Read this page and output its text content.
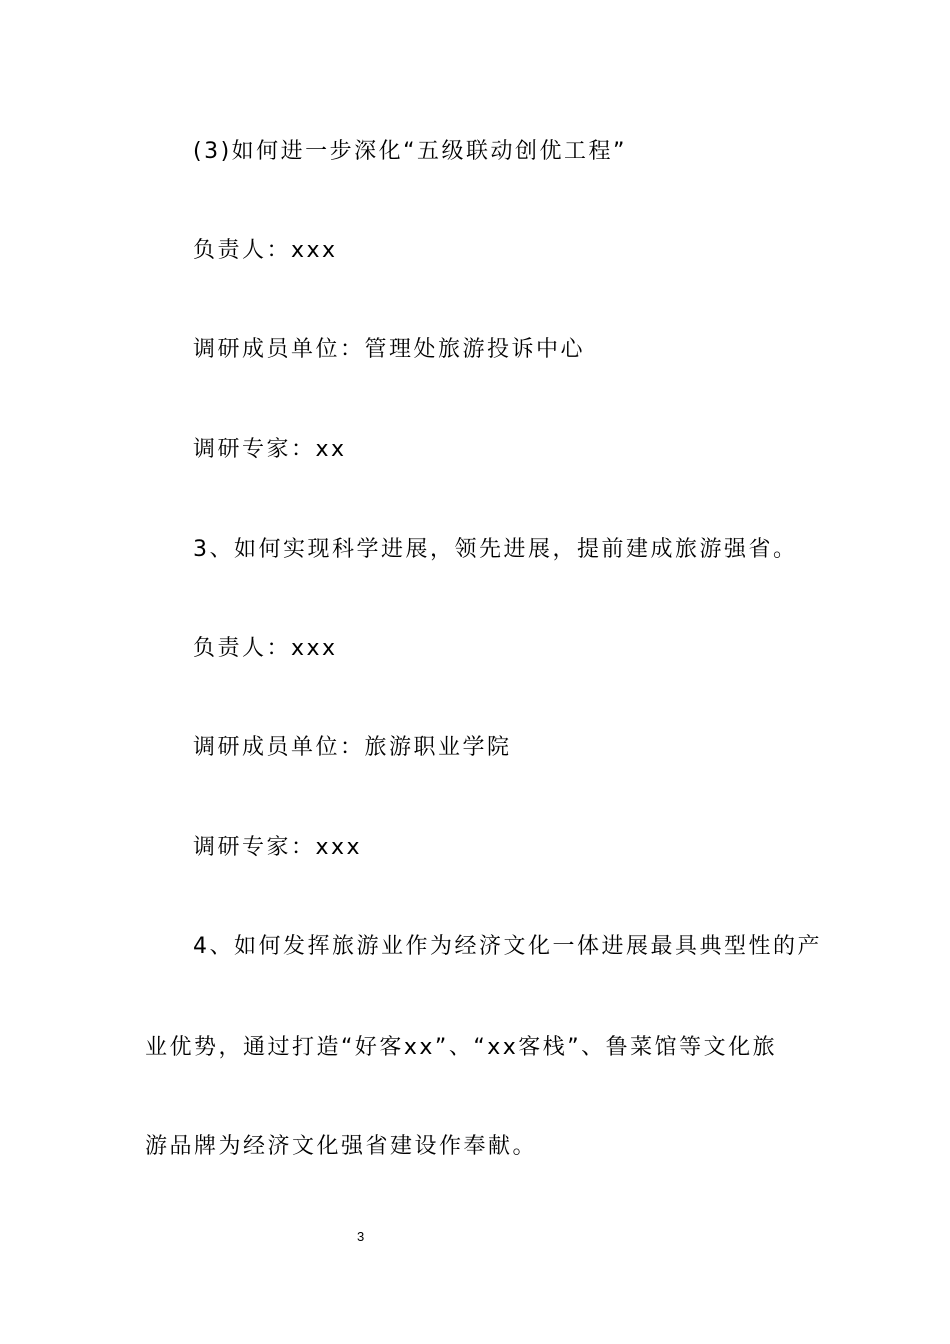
(3)如何进一步深化“五级联动创优工程”
负责人：xxx
调研成员单位：管理处旅游投诉中心
调研专家：xx
3、如何实现科学进展，领先进展，提前建成旅游强省。
负责人：xxx
调研成员单位：旅游职业学院
调研专家：xxx
4、如何发挥旅游业作为经济文化一体进展最具典型性的产
业优势，通过打造“好客xx”、“xx客栈”、鲁菜馆等文化旅
游品牌为经济文化强省建设作奉献。
3
